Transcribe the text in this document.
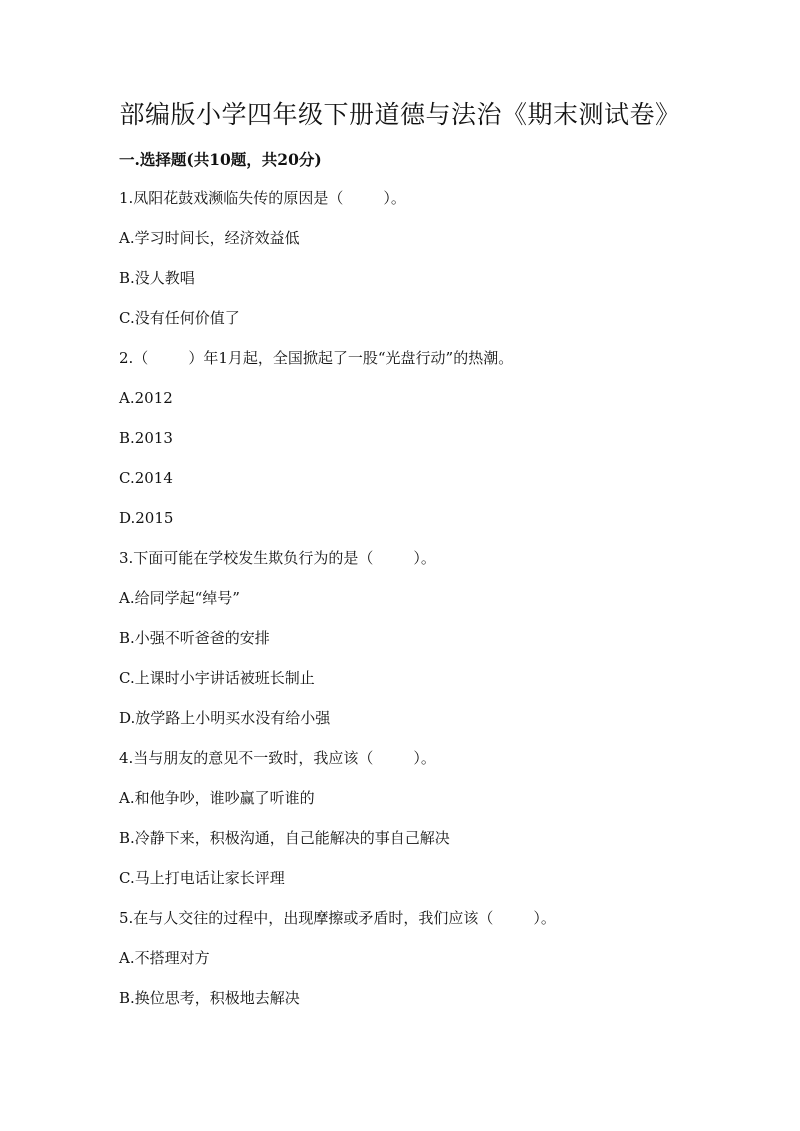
部编版小学四年级下册道德与法治《期末测试卷》
一.选择题(共10题，共20分)
1.凤阳花鼓戏濒临失传的原因是（	）。
A.学习时间长，经济效益低
B.没人教唱
C.没有任何价值了
2.（	）年1月起，全国掀起了一股“光盘行动”的热潮。
A.2012
B.2013
C.2014
D.2015
3.下面可能在学校发生欺负行为的是（	）。
A.给同学起“绰号”
B.小强不听爸爸的安排
C.上课时小宇讲话被班长制止
D.放学路上小明买水没有给小强
4.当与朋友的意见不一致时，我应该（	）。
A.和他争吵，谁吵赢了听谁的
B.冷静下来，积极沟通，自己能解决的事自己解决
C.马上打电话让家长评理
5.在与人交往的过程中，出现摩擦或矛盾时，我们应该（	）。
A.不搭理对方
B.换位思考，积极地去解决
